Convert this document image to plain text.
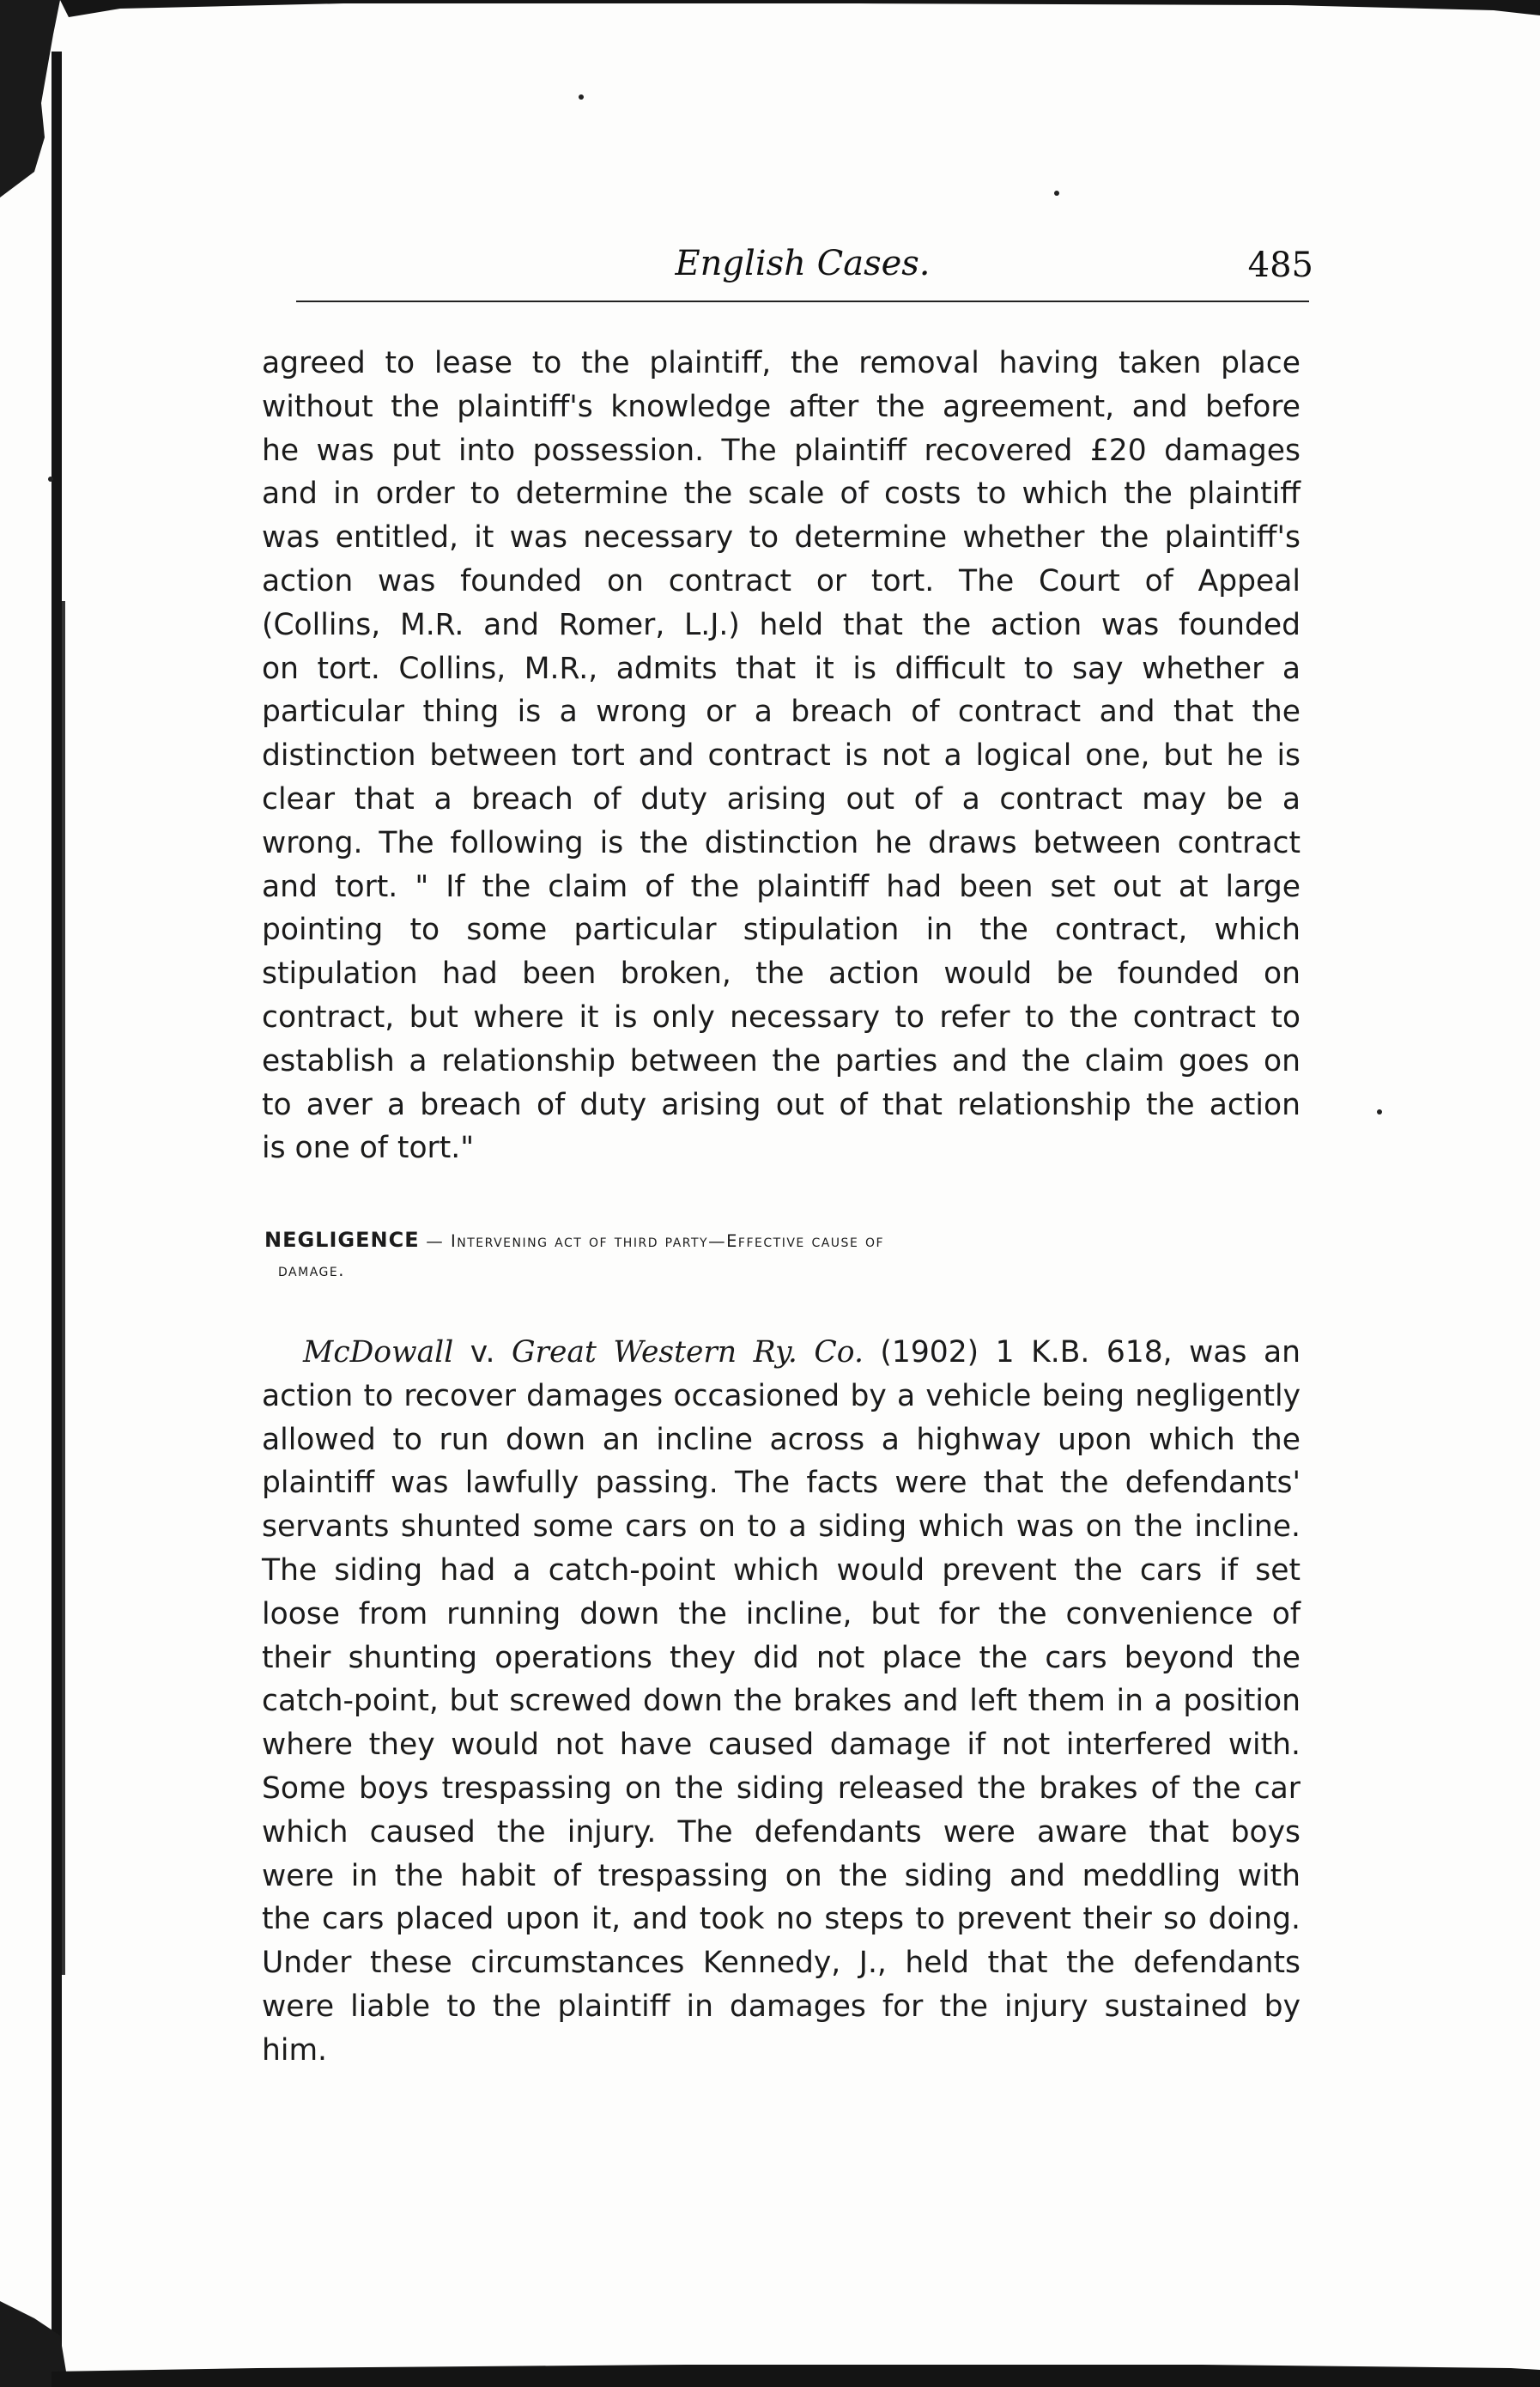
English Cases.	485
agreed to lease to the plaintiff, the removal having taken place
without the plaintiff's knowledge after the agreement, and before
he was put into possession. The plaintiff recovered £20 damages
and in order to determine the scale of costs to which the plaintiff
was entitled, it was necessary to determine whether the plaintiff's
action was founded on contract or tort. The Court of Appeal
(Collins, M.R. and Romer, L.J.) held that the action was founded
on tort. Collins, M.R., admits that it is difficult to say whether a
particular thing is a wrong or a breach of contract and that the
distinction between tort and contract is not a logical one, but he is
clear that a breach of duty arising out of a contract may be a
wrong. The following is the distinction he draws between contract
and tort. " If the claim of the plaintiff had been set out at large
pointing to some particular stipulation in the contract, which
stipulation had been broken, the action would be founded on
contract, but where it is only necessary to refer to the contract to
establish a relationship between the parties and the claim goes on
to aver a breach of duty arising out of that relationship the action
is one of tort."
NEGLIGENCE — Intervening act of third party—Effective cause of
damage.
McDowall v. Great Western Ry. Co. (1902) 1 K.B. 618, was an
action to recover damages occasioned by a vehicle being negligently
allowed to run down an incline across a highway upon which the
plaintiff was lawfully passing. The facts were that the defendants'
servants shunted some cars on to a siding which was on the incline.
The siding had a catch-point which would prevent the cars if set
loose from running down the incline, but for the convenience of
their shunting operations they did not place the cars beyond the
catch-point, but screwed down the brakes and left them in a position
where they would not have caused damage if not interfered with.
Some boys trespassing on the siding released the brakes of the car
which caused the injury. The defendants were aware that boys
were in the habit of trespassing on the siding and meddling with
the cars placed upon it, and took no steps to prevent their so doing.
Under these circumstances Kennedy, J., held that the defendants
were liable to the plaintiff in damages for the injury sustained by
him.
